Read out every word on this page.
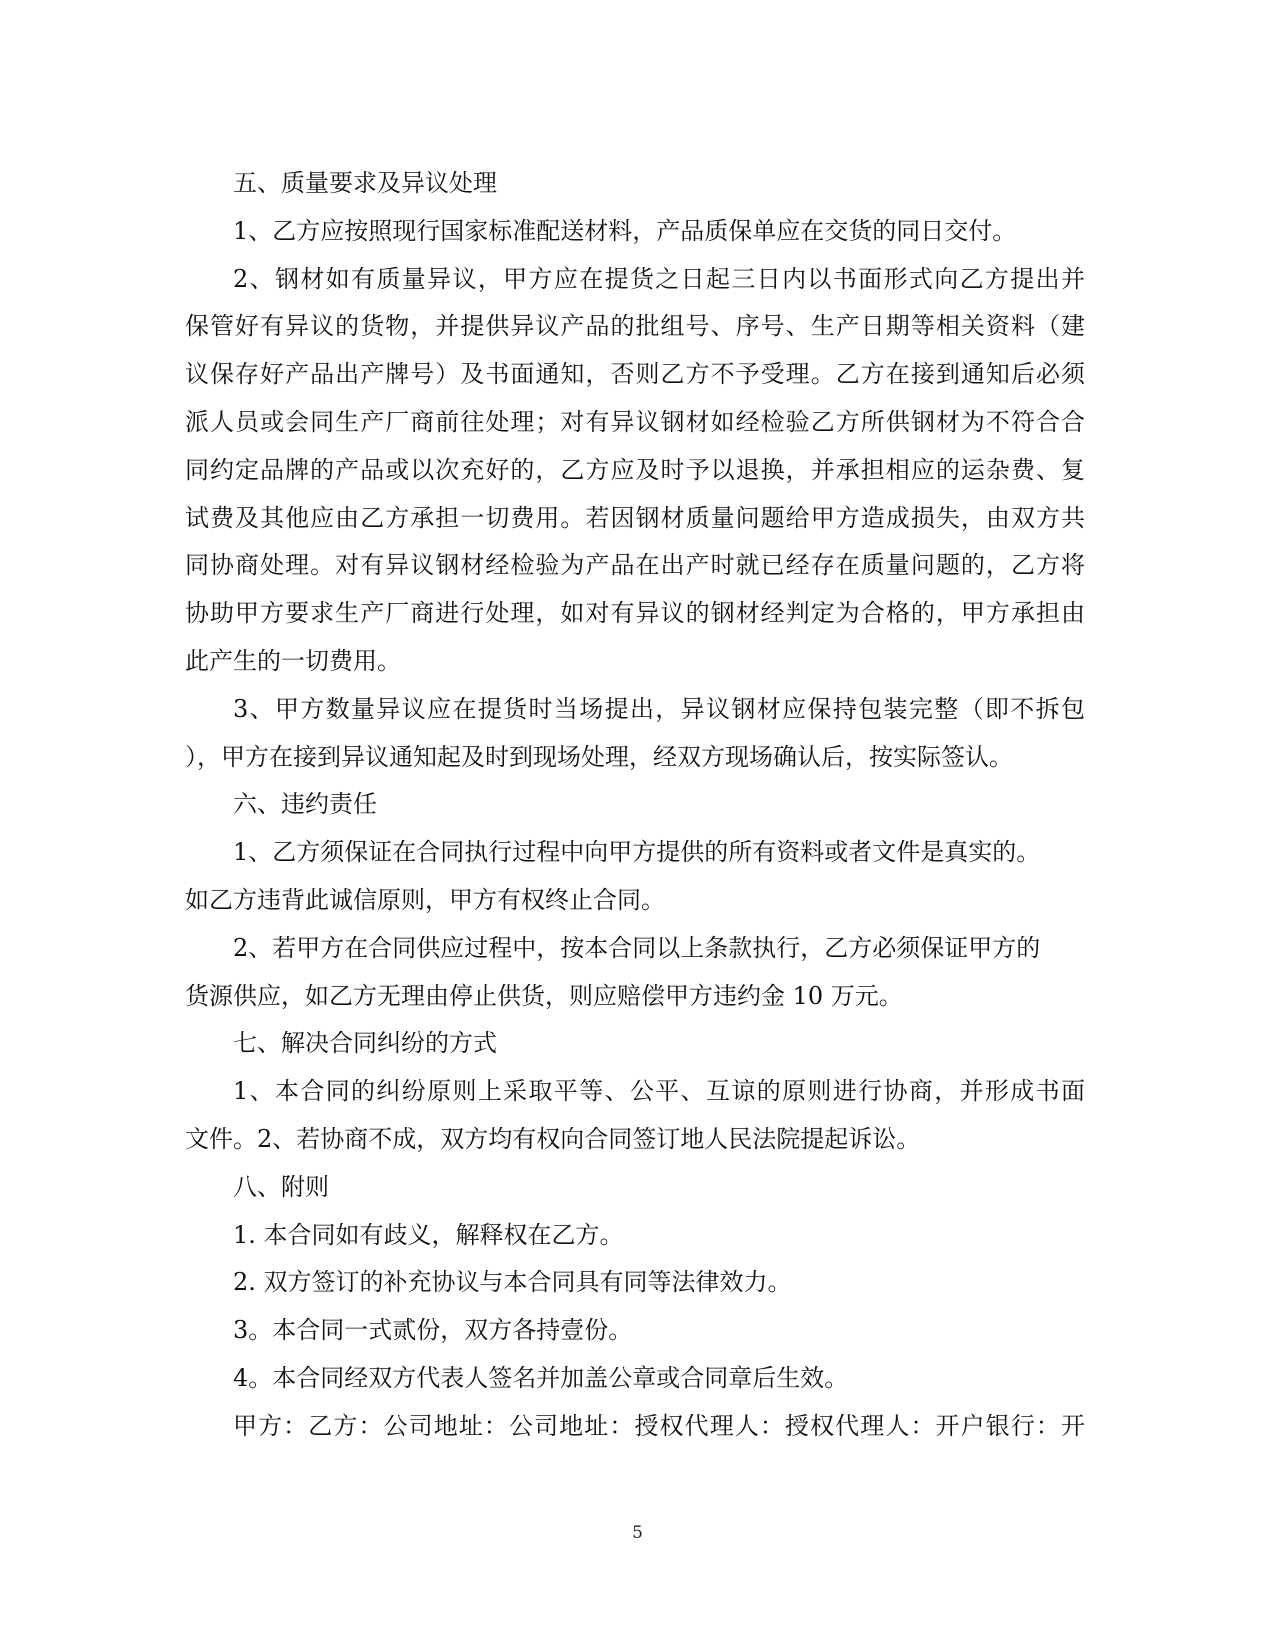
五、质量要求及异议处理
1、乙方应按照现行国家标准配送材料，产品质保单应在交货的同日交付。
2、钢材如有质量异议，甲方应在提货之日起三日内以书面形式向乙方提出并
保管好有异议的货物，并提供异议产品的批组号、序号、生产日期等相关资料（建
议保存好产品出产牌号）及书面通知，否则乙方不予受理。乙方在接到通知后必须
派人员或会同生产厂商前往处理；对有异议钢材如经检验乙方所供钢材为不符合合
同约定品牌的产品或以次充好的，乙方应及时予以退换，并承担相应的运杂费、复
试费及其他应由乙方承担一切费用。若因钢材质量问题给甲方造成损失，由双方共
同协商处理。对有异议钢材经检验为产品在出产时就已经存在质量问题的，乙方将
协助甲方要求生产厂商进行处理，如对有异议的钢材经判定为合格的，甲方承担由
此产生的一切费用。
3、甲方数量异议应在提货时当场提出，异议钢材应保持包装完整（即不拆包
），甲方在接到异议通知起及时到现场处理，经双方现场确认后，按实际签认。
六、违约责任
1、乙方须保证在合同执行过程中向甲方提供的所有资料或者文件是真实的。
如乙方违背此诚信原则，甲方有权终止合同。
2、若甲方在合同供应过程中，按本合同以上条款执行，乙方必须保证甲方的
货源供应，如乙方无理由停止供货，则应赔偿甲方违约金 10 万元。
七、解决合同纠纷的方式
1、本合同的纠纷原则上采取平等、公平、互谅的原则进行协商，并形成书面
文件。2、若协商不成，双方均有权向合同签订地人民法院提起诉讼。
八、附则
1. 本合同如有歧义，解释权在乙方。
2. 双方签订的补充协议与本合同具有同等法律效力。
3。本合同一式贰份，双方各持壹份。
4。本合同经双方代表人签名并加盖公章或合同章后生效。
甲方：乙方：公司地址：公司地址：授权代理人：授权代理人：开户银行：开
5
